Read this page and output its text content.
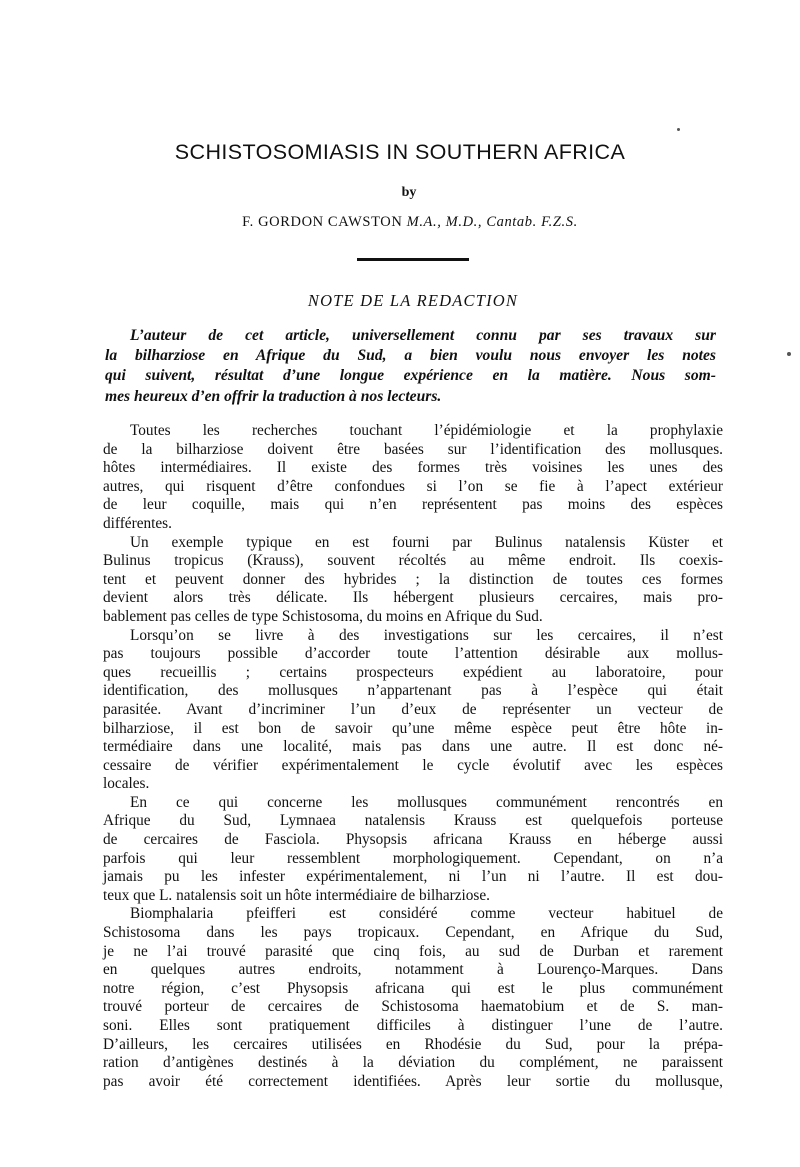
SCHISTOSOMIASIS IN SOUTHERN AFRICA
by
F. GORDON CAWSTON M.A., M.D., Cantab. F.Z.S.
NOTE DE LA REDACTION
L’auteur de cet article, universellement connu par ses travaux sur
la bilharziose en Afrique du Sud, a bien voulu nous envoyer les notes
qui suivent, résultat d’une longue expérience en la matière. Nous som-
mes heureux d’en offrir la traduction à nos lecteurs.
Toutes les recherches touchant l’épidémiologie et la prophylaxie
de la bilharziose doivent être basées sur l’identification des mollusques.
hôtes intermédiaires. Il existe des formes très voisines les unes des
autres, qui risquent d’être confondues si l’on se fie à l’apect extérieur
de leur coquille, mais qui n’en représentent pas moins des espèces
différentes.
Un exemple typique en est fourni par Bulinus natalensis Küster et
Bulinus tropicus (Krauss), souvent récoltés au même endroit. Ils coexis-
tent et peuvent donner des hybrides ; la distinction de toutes ces formes
devient alors très délicate. Ils hébergent plusieurs cercaires, mais pro-
bablement pas celles de type Schistosoma, du moins en Afrique du Sud.
Lorsqu’on se livre à des investigations sur les cercaires, il n’est
pas toujours possible d’accorder toute l’attention désirable aux mollus-
ques recueillis ; certains prospecteurs expédient au laboratoire, pour
identification, des mollusques n’appartenant pas à l’espèce qui était
parasitée. Avant d’incriminer l’un d’eux de représenter un vecteur de
bilharziose, il est bon de savoir qu’une même espèce peut être hôte in-
termédiaire dans une localité, mais pas dans une autre. Il est donc né-
cessaire de vérifier expérimentalement le cycle évolutif avec les espèces
locales.
En ce qui concerne les mollusques communément rencontrés en
Afrique du Sud, Lymnaea natalensis Krauss est quelquefois porteuse
de cercaires de Fasciola. Physopsis africana Krauss en héberge aussi
parfois qui leur ressemblent morphologiquement. Cependant, on n’a
jamais pu les infester expérimentalement, ni l’un ni l’autre. Il est dou-
teux que L. natalensis soit un hôte intermédiaire de bilharziose.
Biomphalaria pfeifferi est considéré comme vecteur habituel de
Schistosoma dans les pays tropicaux. Cependant, en Afrique du Sud,
je ne l’ai trouvé parasité que cinq fois, au sud de Durban et rarement
en quelques autres endroits, notamment à Lourenço-Marques. Dans
notre région, c’est Physopsis africana qui est le plus communément
trouvé porteur de cercaires de Schistosoma haematobium et de S. man-
soni. Elles sont pratiquement difficiles à distinguer l’une de l’autre.
D’ailleurs, les cercaires utilisées en Rhodésie du Sud, pour la prépa-
ration d’antigènes destinés à la déviation du complément, ne paraissent
pas avoir été correctement identifiées. Après leur sortie du mollusque,
